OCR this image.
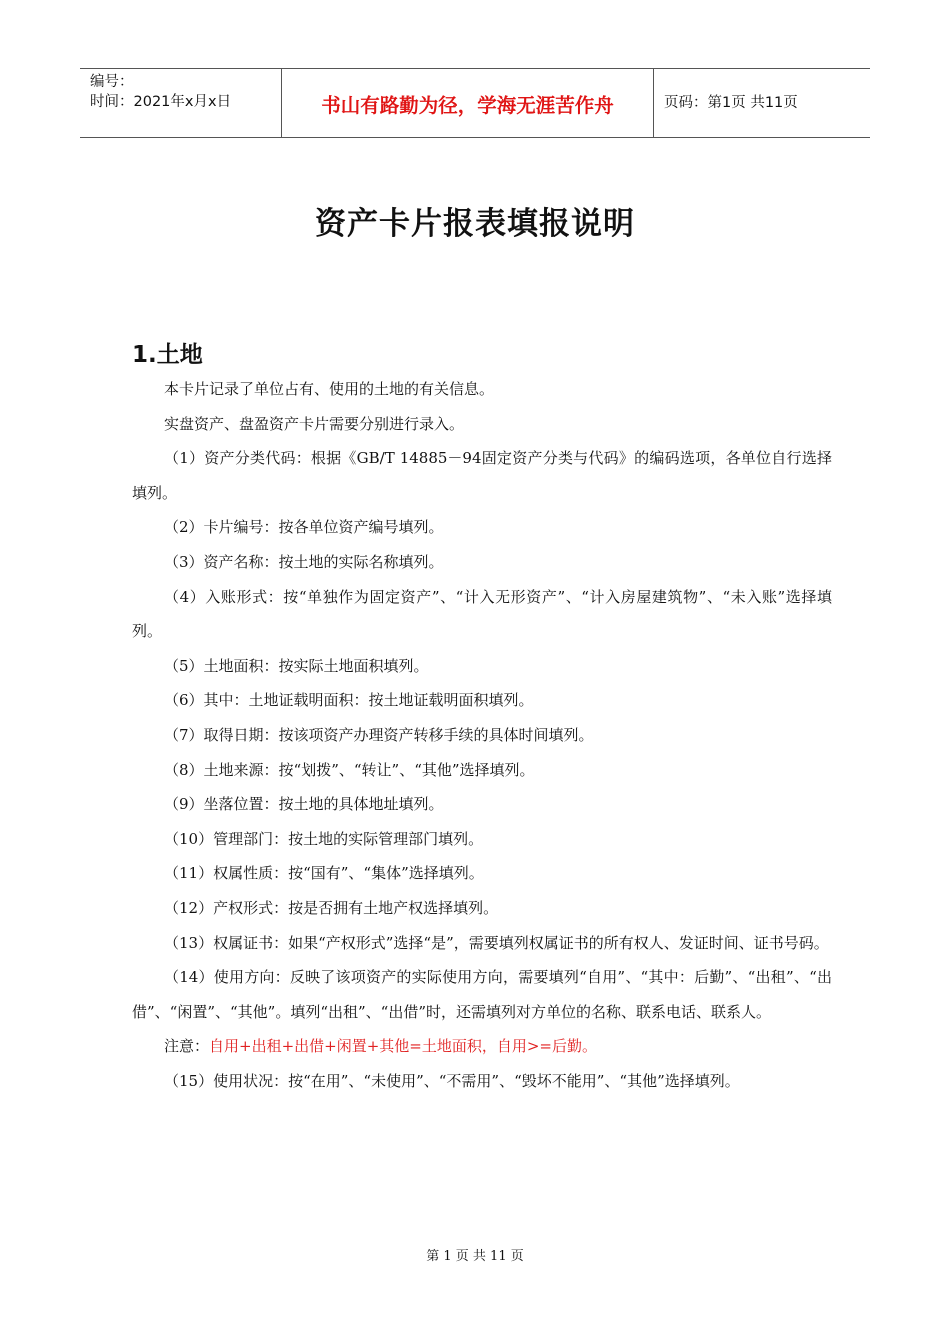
编号：
时间：2021年x月x日	书山有路勤为径，学海无涯苦作舟	页码：第1页 共11页
资产卡片报表填报说明
1.土地

本卡片记录了单位占有、使用的土地的有关信息。

实盘资产、盘盈资产卡片需要分别进行录入。

（1）资产分类代码：根据《GB/T 14885－94固定资产分类与代码》的编码选项，各单位自行选择填列。

（2）卡片编号：按各单位资产编号填列。

（3）资产名称：按土地的实际名称填列。

（4）入账形式：按“单独作为固定资产”、“计入无形资产”、“计入房屋建筑物”、“未入账”选择填列。

（5）土地面积：按实际土地面积填列。

（6）其中：土地证载明面积：按土地证载明面积填列。

（7）取得日期：按该项资产办理资产转移手续的具体时间填列。

（8）土地来源：按“划拨”、“转让”、“其他”选择填列。

（9）坐落位置：按土地的具体地址填列。

（10）管理部门：按土地的实际管理部门填列。

（11）权属性质：按“国有”、“集体”选择填列。

（12）产权形式：按是否拥有土地产权选择填列。

（13）权属证书：如果“产权形式”选择“是”，需要填列权属证书的所有权人、发证时间、证书号码。

（14）使用方向：反映了该项资产的实际使用方向，需要填列“自用”、“其中：后勤”、“出租”、“出借”、“闲置”、“其他”。填列“出租”、“出借”时，还需填列对方单位的名称、联系电话、联系人。

注意：自用+出租+出借+闲置+其他=土地面积，自用>=后勤。

（15）使用状况：按“在用”、“未使用”、“不需用”、“毁坏不能用”、“其他”选择填列。

第 1 页 共 11 页
